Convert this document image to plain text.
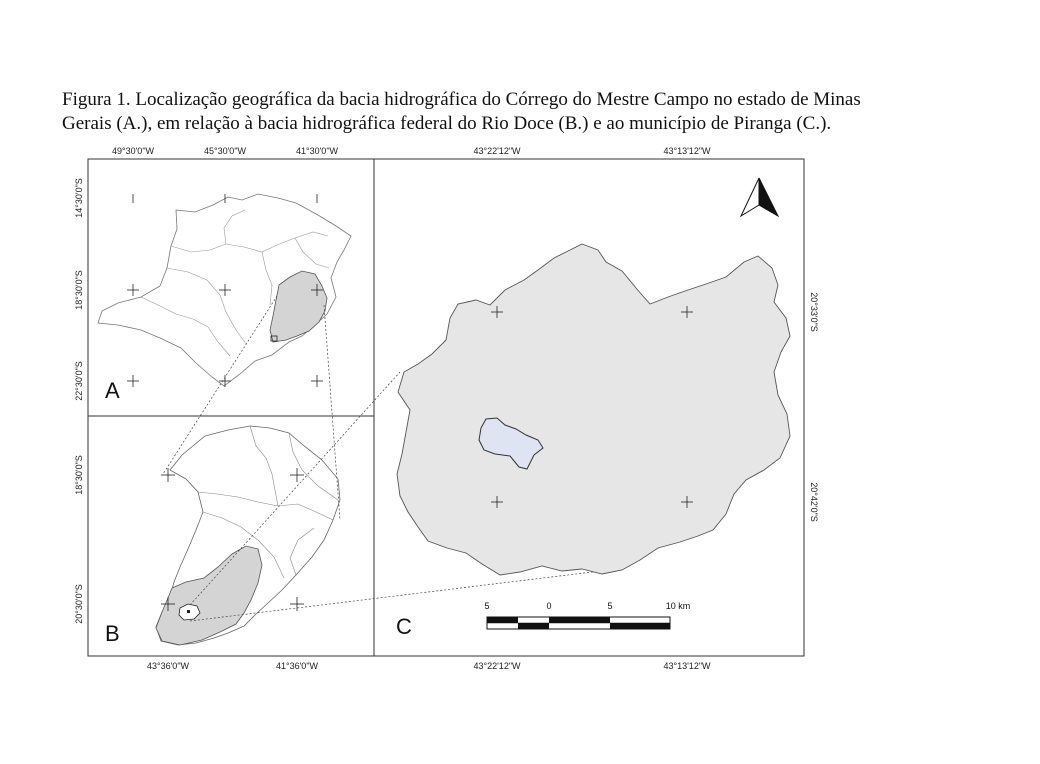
Figura 1. Localização geográfica da bacia hidrográfica do Córrego do Mestre Campo no estado de Minas
Gerais (A.), em relação à bacia hidrográfica federal do Rio Doce (B.) e ao município de Piranga (C.).
A
B
5	0	5	10 km
C
49°30'0"W	45°30'0"W	41°30'0"W
14°30'0"S
18°30'0"S
22°30'0"S
18°30'0"S
20°30'0"S
43°36'0"W	41°36'0"W
43°22'12"W	43°13'12"W
43°22'12"W	43°13'12"W
20°33'0"S
20°42'0"S
